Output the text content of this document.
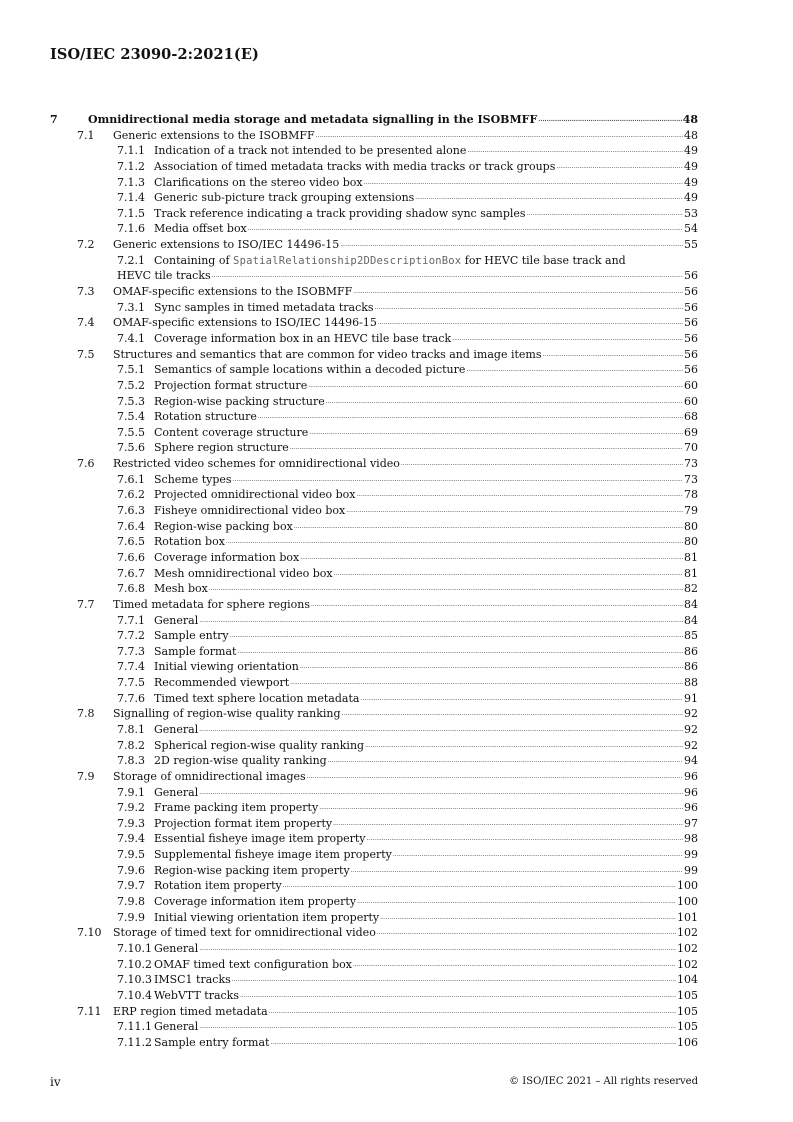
ISO/IEC 23090-2:2021(E)
7	Omnidirectional media storage and metadata signalling in the ISOBMFF .....	48
7.1	Generic extensions to the ISOBMFF .....	48
7.1.1 Indication of a track not intended to be presented alone .....	49
7.1.2 Association of timed metadata tracks with media tracks or track groups .....	49
7.1.3 Clarifications on the stereo video box .....	49
7.1.4 Generic sub-picture track grouping extensions .....	49
7.1.5 Track reference indicating a track providing shadow sync samples .....	53
7.1.6 Media offset box .....	54
7.2	Generic extensions to ISO/IEC 14496-15 .....	55
7.2.1 Containing of SpatialRelationship2DDescriptionBox for HEVC tile base track and
HEVC tile tracks .....	56
7.3	OMAF-specific extensions to the ISOBMFF .....	56
7.3.1 Sync samples in timed metadata tracks .....	56
7.4	OMAF-specific extensions to ISO/IEC 14496-15 .....	56
7.4.1 Coverage information box in an HEVC tile base track .....	56
7.5	Structures and semantics that are common for video tracks and image items .....	56
7.5.1 Semantics of sample locations within a decoded picture .....	56
7.5.2 Projection format structure .....	60
7.5.3 Region-wise packing structure .....	60
7.5.4 Rotation structure .....	68
7.5.5 Content coverage structure .....	69
7.5.6 Sphere region structure .....	70
7.6	Restricted video schemes for omnidirectional video .....	73
7.6.1 Scheme types .....	73
7.6.2 Projected omnidirectional video box .....	78
7.6.3 Fisheye omnidirectional video box .....	79
7.6.4 Region-wise packing box .....	80
7.6.5 Rotation box .....	80
7.6.6 Coverage information box .....	81
7.6.7 Mesh omnidirectional video box .....	81
7.6.8 Mesh box .....	82
7.7	Timed metadata for sphere regions .....	84
7.7.1 General .....	84
7.7.2 Sample entry .....	85
7.7.3 Sample format .....	86
7.7.4 Initial viewing orientation .....	86
7.7.5 Recommended viewport .....	88
7.7.6 Timed text sphere location metadata .....	91
7.8	Signalling of region-wise quality ranking .....	92
7.8.1 General .....	92
7.8.2 Spherical region-wise quality ranking .....	92
7.8.3 2D region-wise quality ranking .....	94
7.9	Storage of omnidirectional images .....	96
7.9.1 General .....	96
7.9.2 Frame packing item property .....	96
7.9.3 Projection format item property .....	97
7.9.4 Essential fisheye image item property .....	98
7.9.5 Supplemental fisheye image item property .....	99
7.9.6 Region-wise packing item property .....	99
7.9.7 Rotation item property .....	100
7.9.8 Coverage information item property .....	100
7.9.9 Initial viewing orientation item property .....	101
7.10	Storage of timed text for omnidirectional video .....	102
7.10.1 General .....	102
7.10.2 OMAF timed text configuration box .....	102
7.10.3 IMSC1 tracks .....	104
7.10.4 WebVTT tracks .....	105
7.11	ERP region timed metadata .....	105
7.11.1 General .....	105
7.11.2 Sample entry format .....	106
iv	© ISO/IEC 2021 – All rights reserved
